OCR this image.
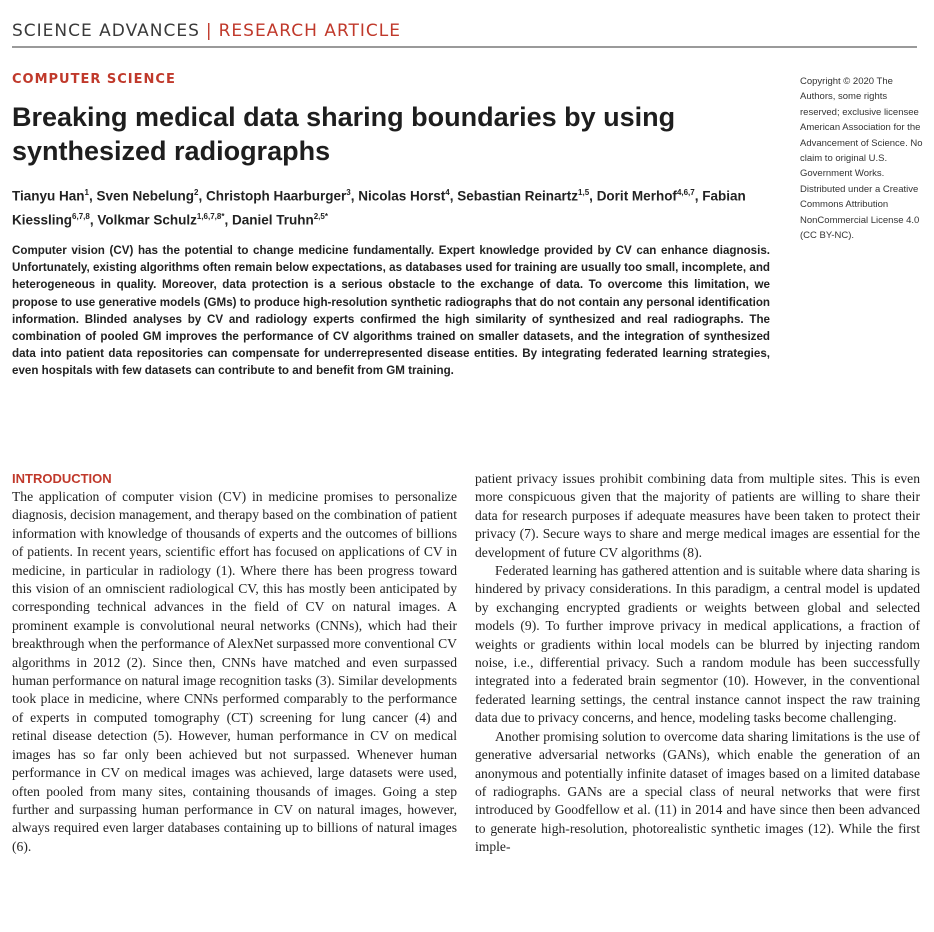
SCIENCE ADVANCES | RESEARCH ARTICLE
COMPUTER SCIENCE
Breaking medical data sharing boundaries by using synthesized radiographs
Tianyu Han$^1$, Sven Nebelung$^2$, Christoph Haarburger$^3$, Nicolas Horst$^4$, Sebastian Reinartz$^{1,5}$, Dorit Merhof$^{4,6,7}$, Fabian Kiessling$^{6,7,8}$, Volkmar Schulz$^{1,6,7,8*}$, Daniel Truhn$^{2,5*}$

Computer vision (CV) has the potential to change medicine fundamentally. Expert knowledge provided by CV can enhance diagnosis. Unfortunately, existing algorithms often remain below expectations, as databases used for training are usually too small, incomplete, and heterogeneous in quality. Moreover, data protection is a serious obstacle to the exchange of data. To overcome this limitation, we propose to use generative models (GMs) to produce high-resolution synthetic radiographs that do not contain any personal identification information. Blinded analyses by CV and radiology experts confirmed the high similarity of synthesized and real radiographs. The combination of pooled GM improves the performance of CV algorithms trained on smaller datasets, and the integration of synthesized data into patient data repositories can compensate for underrepresented disease entities. By integrating federated learning strategies, even hospitals with few datasets can contribute to and benefit from GM training.

Copyright © 2020 The Authors, some rights reserved; exclusive licensee American Association for the Advancement of Science. No claim to original U.S. Government Works. Distributed under a Creative Commons Attribution NonCommercial License 4.0 (CC BY-NC).

INTRODUCTION

The application of computer vision (CV) in medicine promises to personalize diagnosis, decision management, and therapy based on the combination of patient information with knowledge of thousands of experts and the outcomes of billions of patients. In recent years, scientific effort has focused on applications of CV in medicine, in particular in radiology (1). Where there has been progress toward this vision of an omniscient radiological CV, this has mostly been anticipated by corresponding technical advances in the field of CV on natural images. A prominent example is convolutional neural networks (CNNs), which had their breakthrough when the performance of AlexNet surpassed more conventional CV algorithms in 2012 (2). Since then, CNNs have matched and even surpassed human performance on natural image recognition tasks (3). Similar developments took place in medicine, where CNNs performed comparably to the performance of experts in computed tomography (CT) screening for lung cancer (4) and retinal disease detection (5). However, human performance in CV on medical images has so far only been achieved but not surpassed. Whenever human performance in CV on medical images was achieved, large datasets were used, often pooled from many sites, containing thousands of images. Going a step further and surpassing human performance in CV on natural images, however, always required even larger databases containing up to billions of natural images (6).

patient privacy issues prohibit combining data from multiple sites. This is even more conspicuous given that the majority of patients are willing to share their data for research purposes if adequate measures have been taken to protect their privacy (7). Secure ways to share and merge medical images are essential for the development of future CV algorithms (8).

Federated learning has gathered attention and is suitable where data sharing is hindered by privacy considerations. In this paradigm, a central model is updated by exchanging encrypted gradients or weights between global and selected models (9). To further improve privacy in medical applications, a fraction of weights or gradients within local models can be blurred by injecting random noise, i.e., differential privacy. Such a random module has been successfully integrated into a federated brain segmentor (10). However, in the conventional federated learning settings, the central instance cannot inspect the raw training data due to privacy concerns, and hence, modeling tasks become challenging.

Another promising solution to overcome data sharing limitations is the use of generative adversarial networks (GANs), which enable the generation of an anonymous and potentially infinite dataset of images based on a limited database of radiographs. GANs are a special class of neural networks that were first introduced by Goodfellow et al. (11) in 2014 and have since then been advanced to generate high-resolution, photorealistic synthetic images (12). While the first imple-
